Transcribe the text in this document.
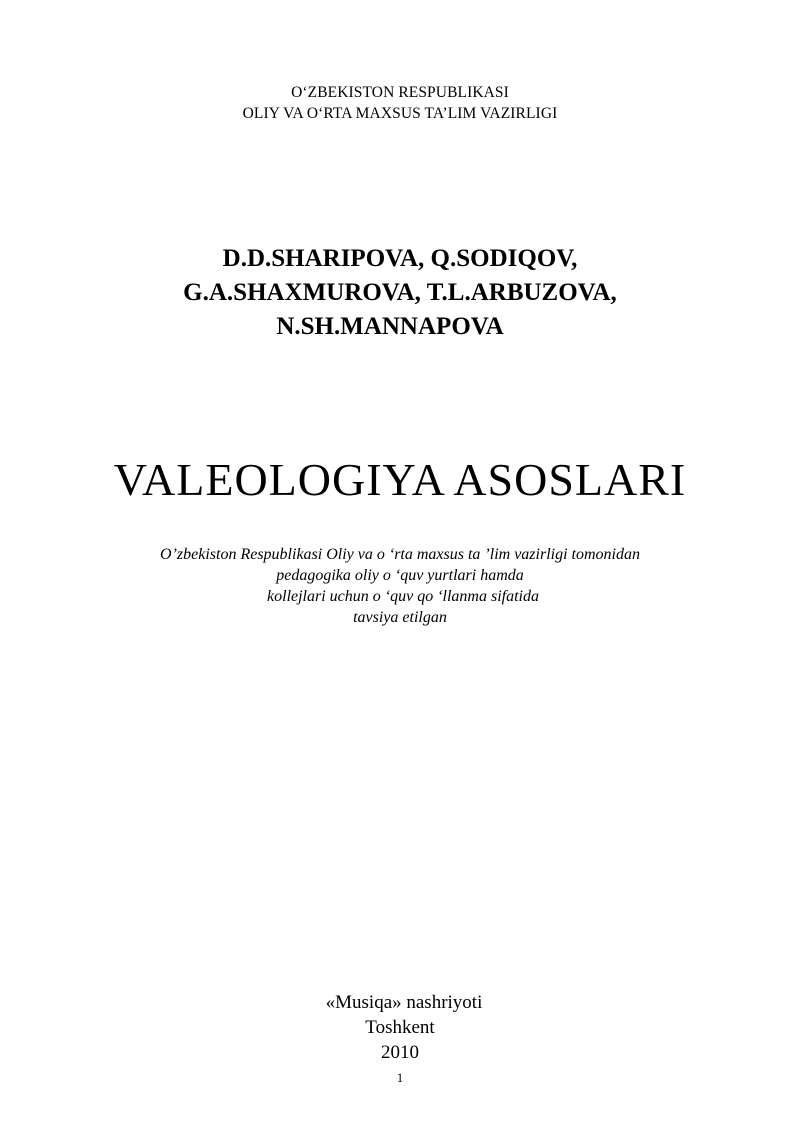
O‘ZBEKISTON RESPUBLIKASI
OLIY VA O‘RTA MAXSUS TA’LIM VAZIRLIGI
D.D.SHARIPOVA, Q.SODIQOV,
G.A.SHAXMUROVA, T.L.ARBUZOVA,
N.SH.MANNAPOVA
VALEOLOGIYA ASOSLARI
O’zbekiston Respublikasi Oliy va o ‘rta maxsus ta ’lim vazirligi tomonidan
pedagogika oliy o ‘quv yurtlari hamda
kollejlari uchun o ‘quv qo ‘llanma sifatida
tavsiya etilgan
«Musiqa» nashriyoti
Toshkent
2010
1
